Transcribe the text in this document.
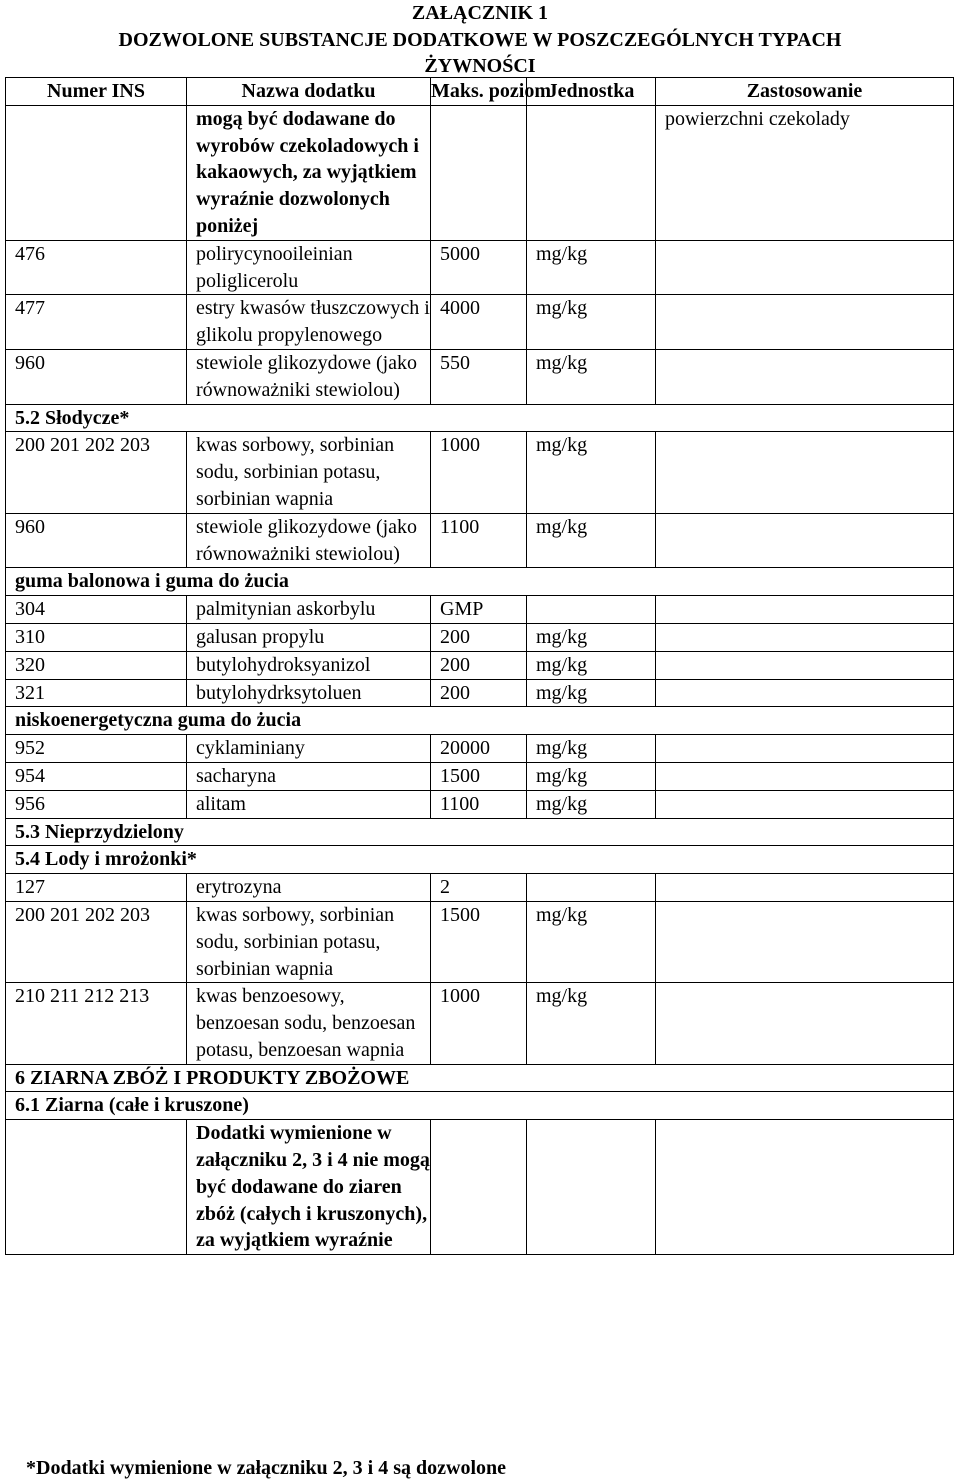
ZAŁĄCZNIK 1
DOZWOLONE SUBSTANCJE DODATKOWE W POSZCZEGÓLNYCH TYPACH
ŻYWNOŚCI
Numer INS	Nazwa dodatku	Maks. poziom	Jednostka	Zastosowanie
	mogą być dodawane do wyrobów czekoladowych i kakaowych, za wyjątkiem wyraźnie dozwolonych poniżej			powierzchni czekolady
476	polirycynooileinian poliglicerolu	5000	mg/kg	
477	estry kwasów tłuszczowych i glikolu propylenowego	4000	mg/kg	
960	stewiole glikozydowe (jako równoważniki stewiolou)	550	mg/kg	
5.2 Słodycze*				
200 201 202 203	kwas sorbowy, sorbinian sodu, sorbinian potasu, sorbinian wapnia	1000	mg/kg	
960	stewiole glikozydowe (jako równoważniki stewiolou)	1100	mg/kg	
guma balonowa i guma do żucia				
304	palmitynian askorbylu	GMP		
310	galusan propylu	200	mg/kg	
320	butylohydroksyanizol	200	mg/kg	
321	butylohydrksytoluen	200	mg/kg	
niskoenergetyczna guma do żucia				
952	cyklaminiany	20000	mg/kg	
954	sacharyna	1500	mg/kg	
956	alitam	1100	mg/kg	
5.3 Nieprzydzielony				
5.4 Lody i mrożonki*				
127	erytrozyna	2		
200 201 202 203	kwas sorbowy, sorbinian sodu, sorbinian potasu, sorbinian wapnia	1500	mg/kg	
210 211 212 213	kwas benzoesowy, benzoesan sodu, benzoesan potasu, benzoesan wapnia	1000	mg/kg	
6 ZIARNA ZBÓŻ I PRODUKTY ZBOŻOWE				
6.1 Ziarna (całe i kruszone)				
	Dodatki wymienione w załączniku 2, 3 i 4 nie mogą być dodawane do ziaren zbóż (całych i kruszonych), za wyjątkiem wyraźnie			
*Dodatki wymienione w załączniku 2, 3 i 4 są dozwolone
